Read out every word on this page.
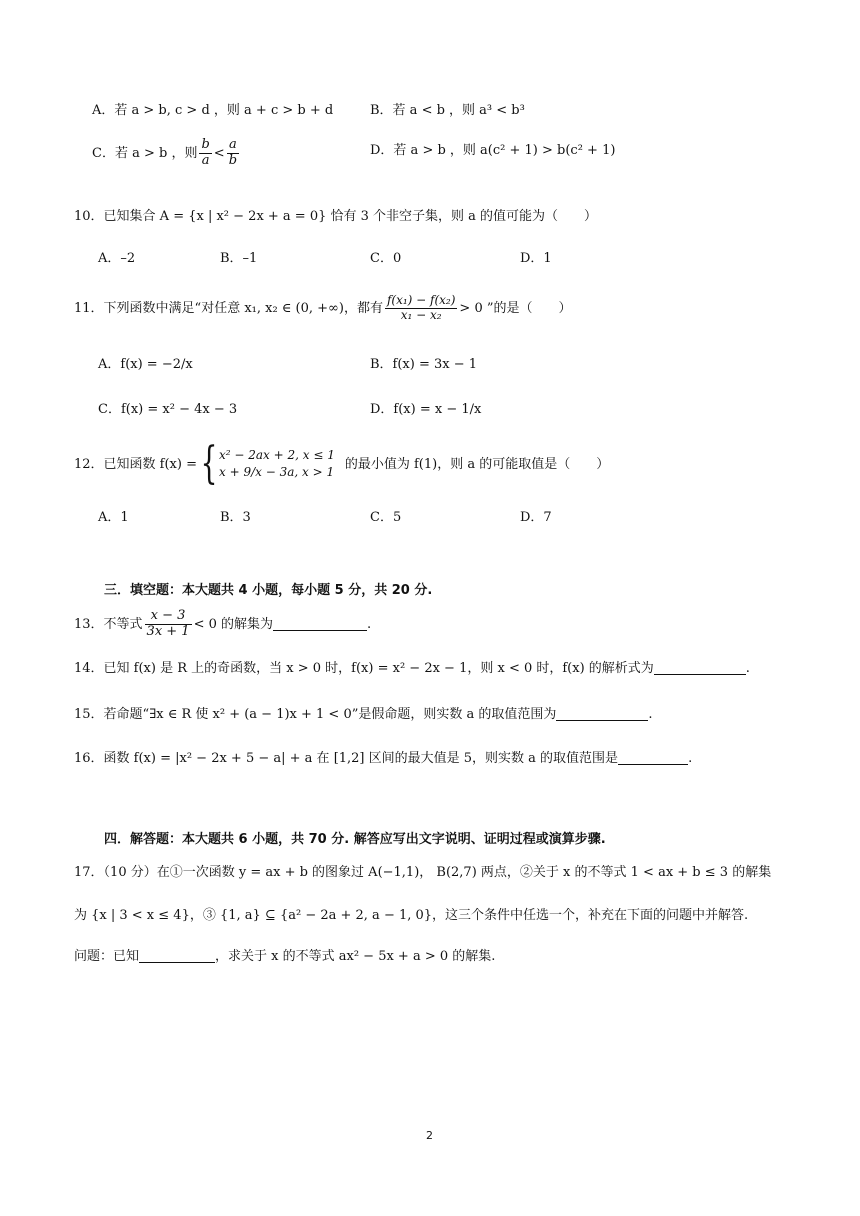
A．若 a > b, c > d ，则 a + c > b + d	B．若 a < b ，则 a³ < b³
C．若 a > b ，则 $\frac{b}{a} < \frac{a}{b}$	D．若 a > b ，则 a(c² + 1) > b(c² + 1)
10．已知集合 A = {x | x² − 2x + a = 0} 恰有 3 个非空子集，则 a 的值可能为（　　）
A．–2	B．–1	C．0	D．1
11．下列函数中满足“对任意 x₁, x₂ ∈ (0, +∞)，都有 $\frac{\text{f(x₁) − f(x₂)}}{\text{x₁ − x₂}} > 0$ ”的是（　　）
A．f(x) = −2/x	B．f(x) = 3x − 1
C．f(x) = x² − 4x − 3	D．f(x) = x − 1/x
12．已知函数 f(x) = { x² − 2ax + 2, x ≤ 1
x + 9/x − 3a, x > 1
的最小值为 f(1)，则 a 的可能取值是（　　）
A．1	B．3	C．5	D．7
三．填空题：本大题共 4 小题，每小题 5 分，共 20 分.
13．不等式 $\frac{x - 3}{3x + 1} < 0$ 的解集为	.
14．已知 f(x) 是 R 上的奇函数，当 x > 0 时，f(x) = x² − 2x − 1，则 x < 0 时，f(x) 的解析式为	.
15．若命题“∃x ∈ R 使 x² + (a − 1)x + 1 < 0”是假命题，则实数 a 的取值范围为	.
16．函数 f(x) = |x² − 2x + 5 − a| + a 在 [1,2] 区间的最大值是 5，则实数 a 的取值范围是	.
四．解答题：本大题共 6 小题，共 70 分. 解答应写出文字说明、证明过程或演算步骤.
17．（10 分）在①一次函数 y = ax + b 的图象过 A(−1,1)， B(2,7) 两点，②关于 x 的不等式 1 < ax + b ≤ 3 的解集
为 {x | 3 < x ≤ 4}，③ {1, a} ⊆ {a² − 2a + 2, a − 1, 0}，这三个条件中任选一个，补充在下面的问题中并解答.
问题：已知	，求关于 x 的不等式 ax² − 5x + a > 0 的解集.
2
